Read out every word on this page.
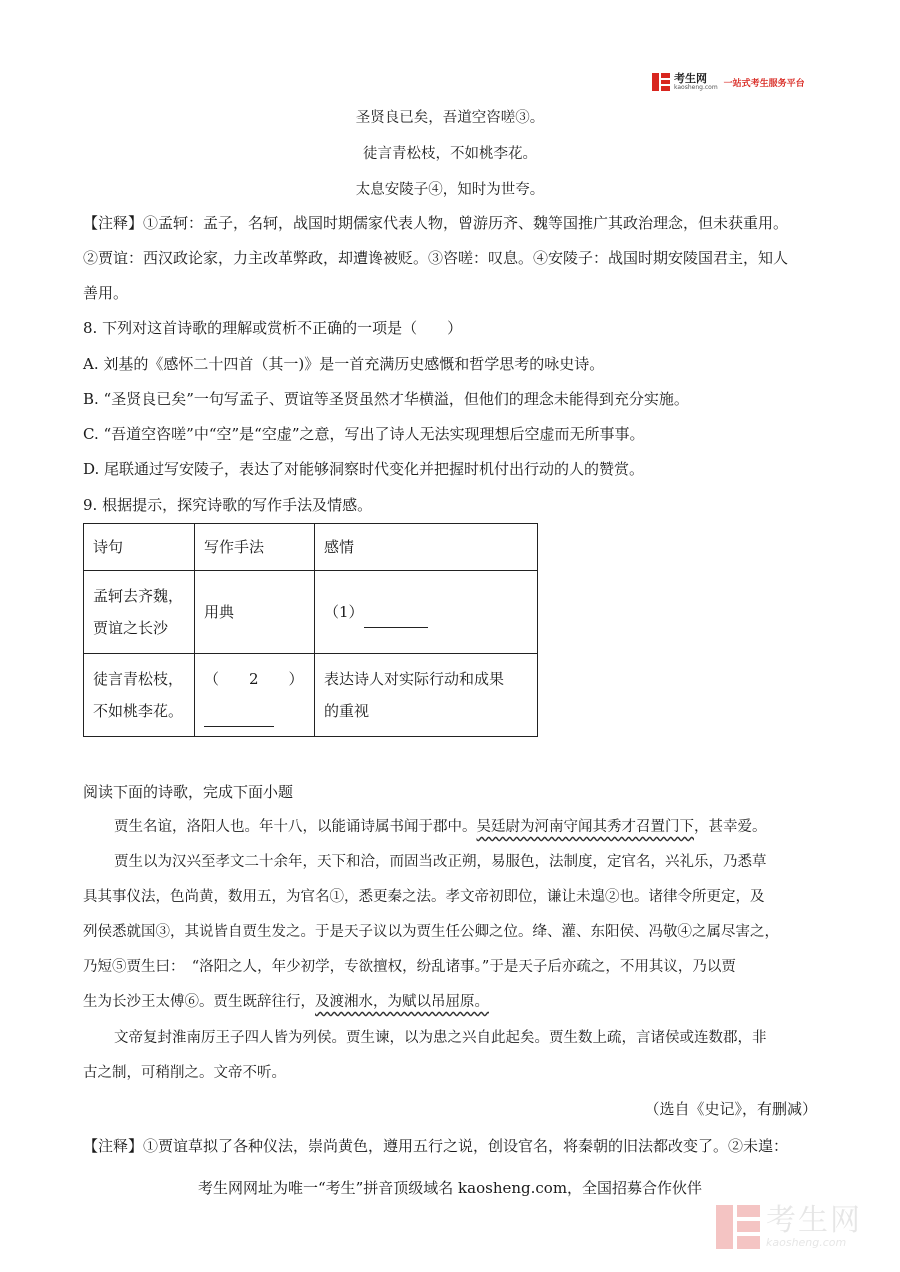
考生网
kaosheng.com 一站式考生服务平台
圣贤良已矣，吾道空咨嗟③。
徒言青松枝，不如桃李花。
太息安陵子④，知时为世夸。
【注释】①孟轲：孟子，名轲，战国时期儒家代表人物，曾游历齐、魏等国推广其政治理念，但未获重用。
②贾谊：西汉政论家，力主改革弊政，却遭谗被贬。③咨嗟：叹息。④安陵子：战国时期安陵国君主，知人
善用。
8. 下列对这首诗歌的理解或赏析不正确的一项是（　　）
A. 刘基的《感怀二十四首（其一)》是一首充满历史感慨和哲学思考的咏史诗。
B. “圣贤良已矣”一句写孟子、贾谊等圣贤虽然才华横溢，但他们的理念未能得到充分实施。
C. “吾道空咨嗟”中“空”是“空虚”之意，写出了诗人无法实现理想后空虚而无所事事。
D. 尾联通过写安陵子，表达了对能够洞察时代变化并把握时机付出行动的人的赞赏。
9. 根据提示，探究诗歌的写作手法及情感。
诗句	写作手法	感情
孟轲去齐魏，
贾谊之长沙	用典	（1）
徒言青松枝，
不如桃李花。	（　　2　　）	表达诗人对实际行动和成果
的重视
阅读下面的诗歌，完成下面小题
贾生名谊，洛阳人也。年十八，以能诵诗属书闻于郡中。吴廷尉为河南守闻其秀才召置门下，甚幸爱。
贾生以为汉兴至孝文二十余年，天下和洽，而固当改正朔，易服色，法制度，定官名，兴礼乐，乃悉草
具其事仪法，色尚黄，数用五，为官名①，悉更秦之法。孝文帝初即位，谦让未遑②也。诸律令所更定，及
列侯悉就国③，其说皆自贾生发之。于是天子议以为贾生任公卿之位。绛、灌、东阳侯、冯敬④之属尽害之，
乃短⑤贾生曰：　“洛阳之人，年少初学，专欲擅权，纷乱诸事。”于是天子后亦疏之，不用其议，乃以贾
生为长沙王太傅⑥。贾生既辞往行，及渡湘水，为赋以吊屈原。
文帝复封淮南厉王子四人皆为列侯。贾生谏，以为患之兴自此起矣。贾生数上疏，言诸侯或连数郡，非
古之制，可稍削之。文帝不听。
（选自《史记》，有删减）
【注释】①贾谊草拟了各种仪法，崇尚黄色，遵用五行之说，创设官名，将秦朝的旧法都改变了。②未遑：
考生网网址为唯一“考生”拼音顶级域名 kaosheng.com，全国招募合作伙伴
考生网
kaosheng.com
